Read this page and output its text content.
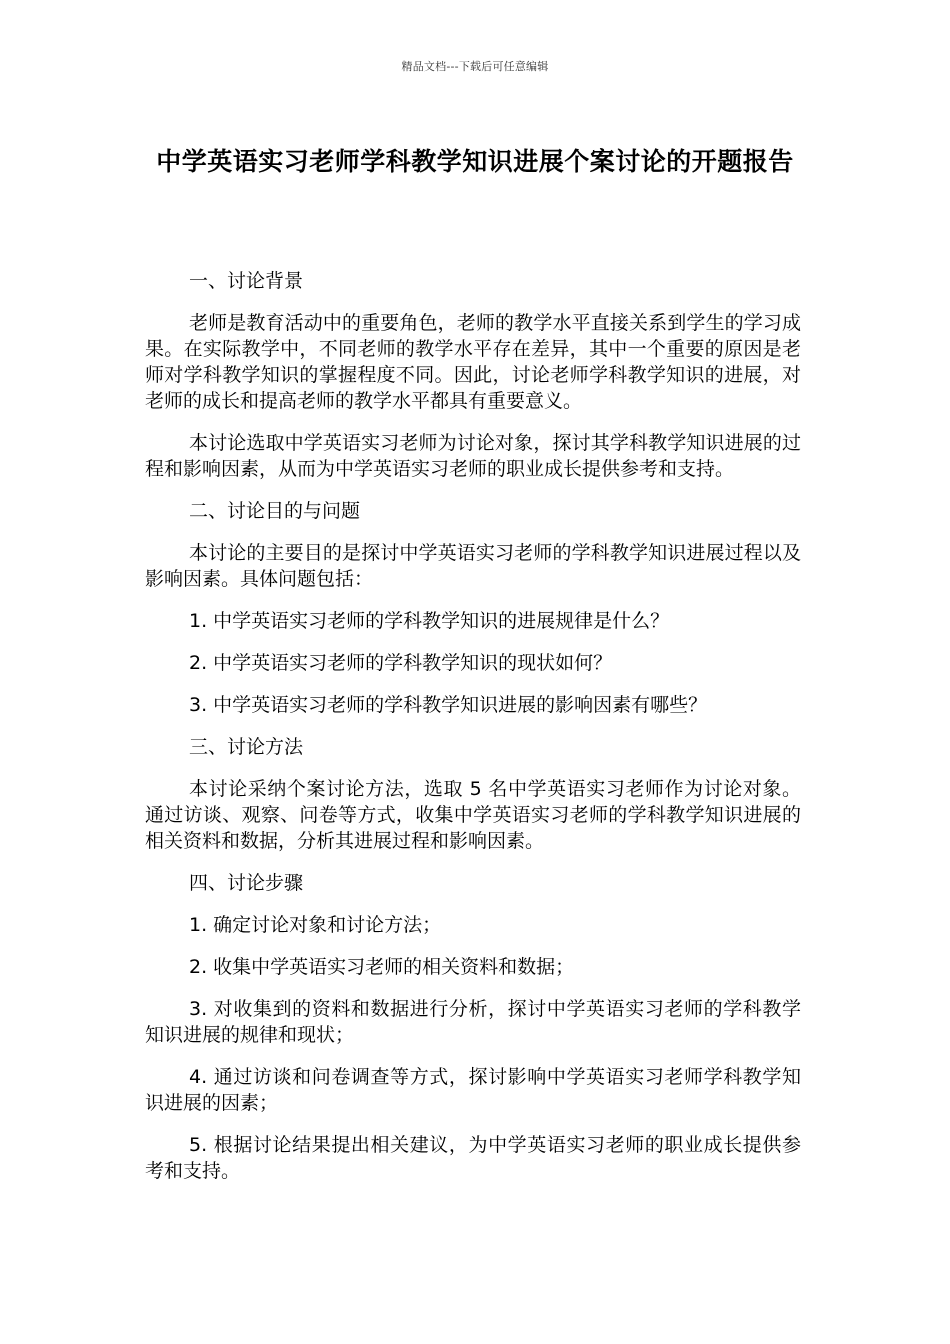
精品文档---下载后可任意编辑
中学英语实习老师学科教学知识进展个案讨论的开题报告

一、讨论背景

老师是教育活动中的重要角色，老师的教学水平直接关系到学生的学习成果。在实际教学中，不同老师的教学水平存在差异，其中一个重要的原因是老师对学科教学知识的掌握程度不同。因此，讨论老师学科教学知识的进展，对老师的成长和提高老师的教学水平都具有重要意义。

本讨论选取中学英语实习老师为讨论对象，探讨其学科教学知识进展的过程和影响因素，从而为中学英语实习老师的职业成长提供参考和支持。

二、讨论目的与问题

本讨论的主要目的是探讨中学英语实习老师的学科教学知识进展过程以及影响因素。具体问题包括：

1. 中学英语实习老师的学科教学知识的进展规律是什么？

2. 中学英语实习老师的学科教学知识的现状如何？

3. 中学英语实习老师的学科教学知识进展的影响因素有哪些？

三、讨论方法

本讨论采纳个案讨论方法，选取 5 名中学英语实习老师作为讨论对象。通过访谈、观察、问卷等方式，收集中学英语实习老师的学科教学知识进展的相关资料和数据，分析其进展过程和影响因素。

四、讨论步骤

1. 确定讨论对象和讨论方法；

2. 收集中学英语实习老师的相关资料和数据；

3. 对收集到的资料和数据进行分析，探讨中学英语实习老师的学科教学知识进展的规律和现状；

4. 通过访谈和问卷调查等方式，探讨影响中学英语实习老师学科教学知识进展的因素；

5. 根据讨论结果提出相关建议，为中学英语实习老师的职业成长提供参考和支持。
